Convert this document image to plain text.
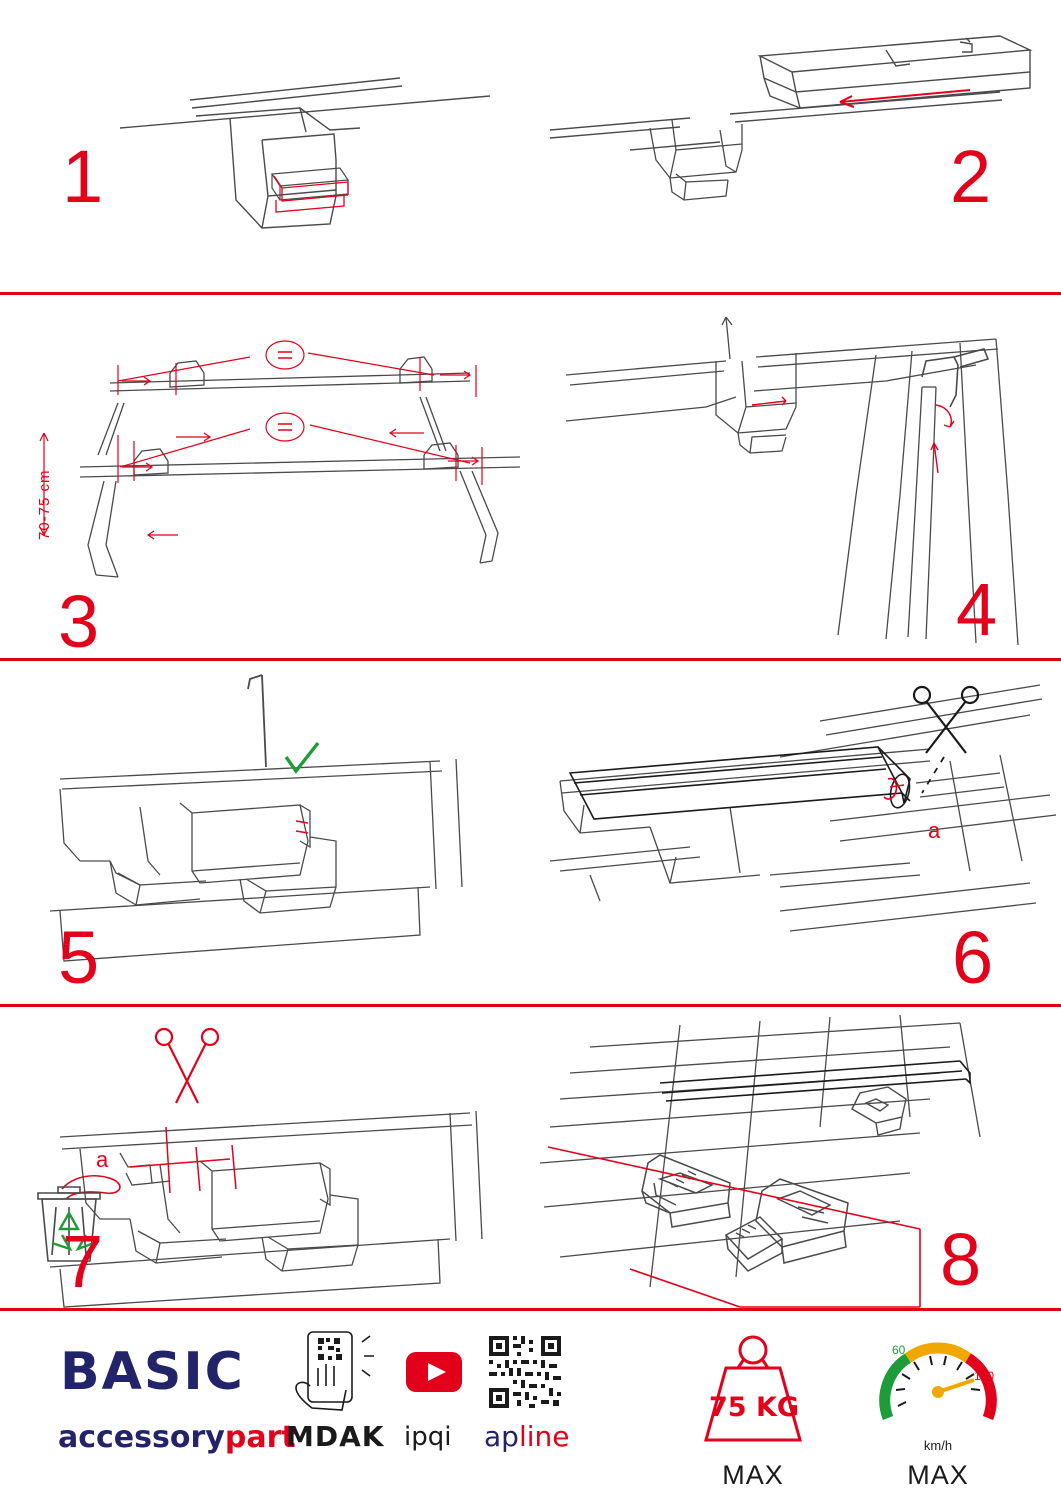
1	2
70-75 cm
3	4
5
a
6
a
7	8
BASIC
accessorypart
MDAK ipqi apline
75 KG
MAX
60
120
km/h
MAX
